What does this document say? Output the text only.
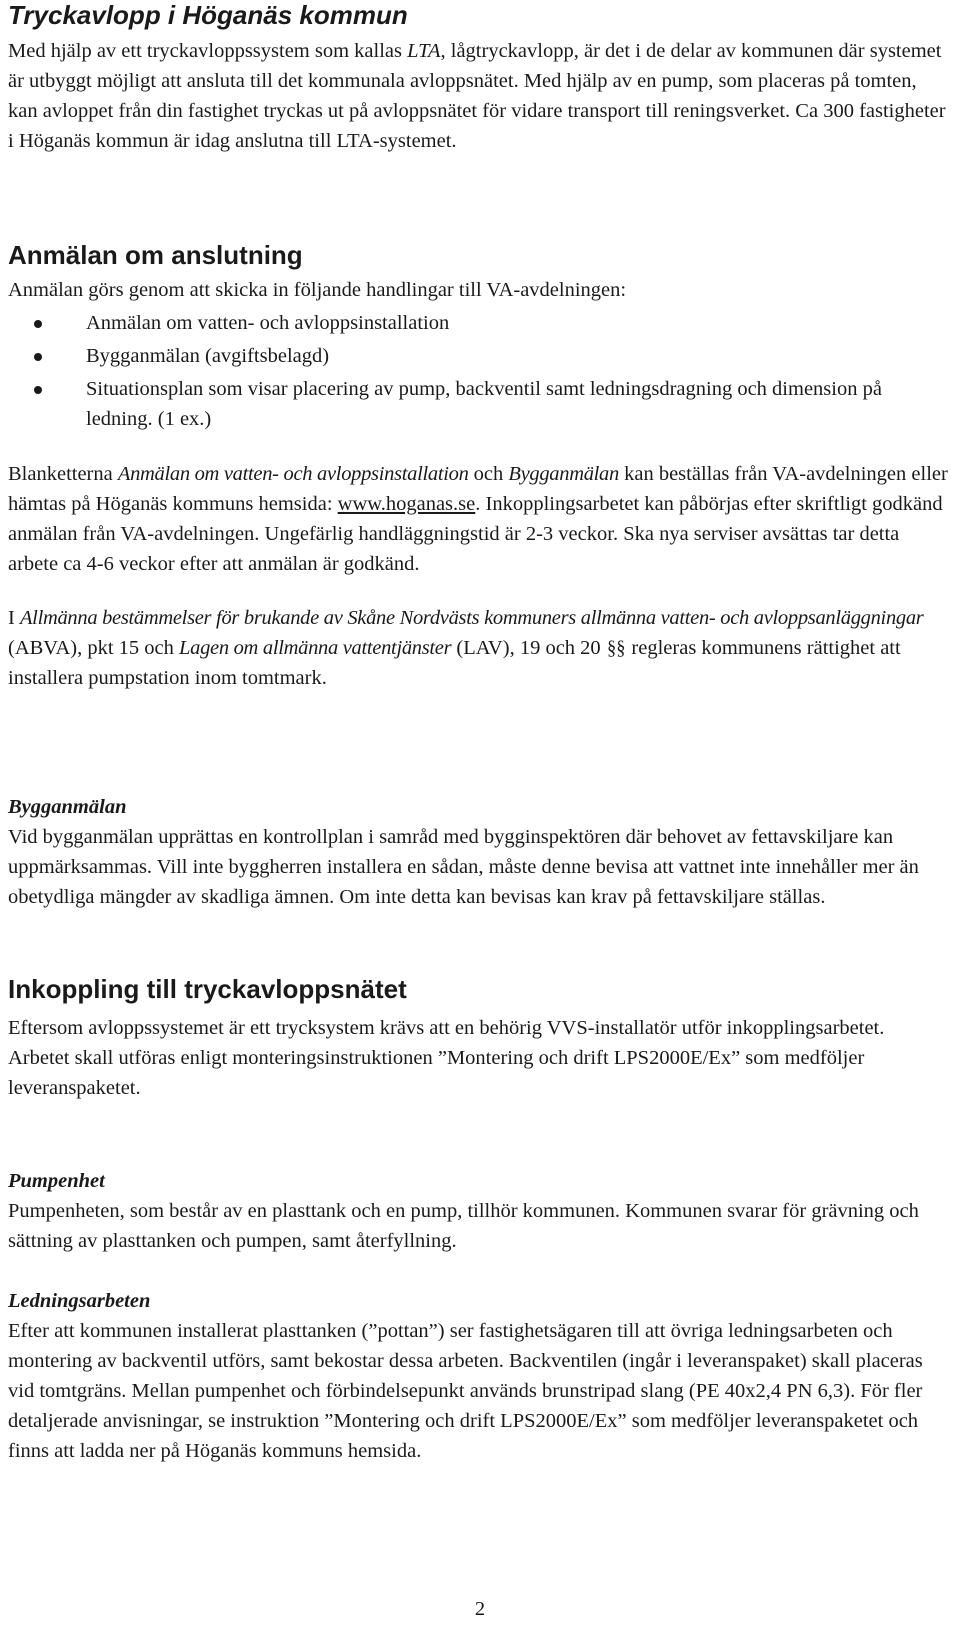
Tryckavlopp i Höganäs kommun

Med hjälp av ett tryckavloppssystem som kallas LTA, lågtryckavlopp, är det i de delar av kommunen där systemet är utbyggt möjligt att ansluta till det kommunala avloppsnätet. Med hjälp av en pump, som placeras på tomten, kan avloppet från din fastighet tryckas ut på avloppsnätet för vidare transport till reningsverket. Ca 300 fastigheter i Höganäs kommun är idag anslutna till LTA-systemet.

Anmälan om anslutning

Anmälan görs genom att skicka in följande handlingar till VA-avdelningen:

Anmälan om vatten- och avloppsinstallation
Bygganmälan (avgiftsbelagd)
Situationsplan som visar placering av pump, backventil samt ledningsdragning och dimension på ledning. (1 ex.)

Blanketterna Anmälan om vatten- och avloppsinstallation och Bygganmälan kan beställas från VA-avdelningen eller hämtas på Höganäs kommuns hemsida: www.hoganas.se. Inkopplingsarbetet kan påbörjas efter skriftligt godkänd anmälan från VA-avdelningen. Ungefärlig handläggningstid är 2-3 veckor. Ska nya serviser avsättas tar detta arbete ca 4-6 veckor efter att anmälan är godkänd.

I Allmänna bestämmelser för brukande av Skåne Nordvästs kommuners allmänna vatten- och avloppsanläggningar (ABVA), pkt 15 och Lagen om allmänna vattentjänster (LAV), 19 och 20 §§ regleras kommunens rättighet att installera pumpstation inom tomtmark.

Bygganmälan

Vid bygganmälan upprättas en kontrollplan i samråd med bygginspektören där behovet av fettavskiljare kan uppmärksammas. Vill inte byggherren installera en sådan, måste denne bevisa att vattnet inte innehåller mer än obetydliga mängder av skadliga ämnen. Om inte detta kan bevisas kan krav på fettavskiljare ställas.

Inkoppling till tryckavloppsnätet

Eftersom avloppssystemet är ett trycksystem krävs att en behörig VVS-installatör utför inkopplingsarbetet. Arbetet skall utföras enligt monteringsinstruktionen ”Montering och drift LPS2000E/Ex” som medföljer leveranspaketet.

Pumpenhet

Pumpenheten, som består av en plasttank och en pump, tillhör kommunen. Kommunen svarar för grävning och sättning av plasttanken och pumpen, samt återfyllning.

Ledningsarbeten

Efter att kommunen installerat plasttanken (”pottan”) ser fastighetsägaren till att övriga ledningsarbeten och montering av backventil utförs, samt bekostar dessa arbeten. Backventilen (ingår i leveranspaket) skall placeras vid tomtgräns. Mellan pumpenhet och förbindelsepunkt används brunstripad slang (PE 40x2,4 PN 6,3). För fler detaljerade anvisningar, se instruktion ”Montering och drift LPS2000E/Ex” som medföljer leveranspaketet och finns att ladda ner på Höganäs kommuns hemsida.

2
